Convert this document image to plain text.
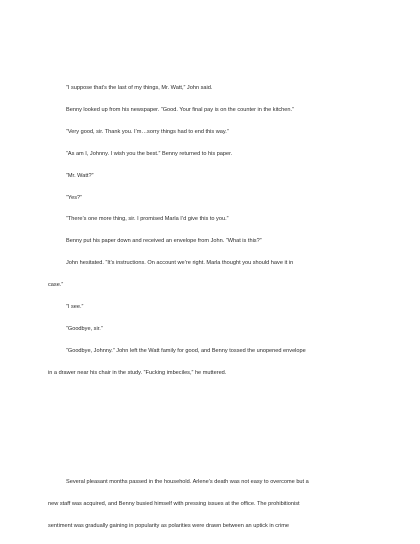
“I suppose that’s the last of my things, Mr. Watt,” John said.
Benny looked up from his newspaper. “Good. Your final pay is on the counter in the kitchen.”
“Very good, sir. Thank you. I’m…sorry things had to end this way.”
“As am I, Johnny. I wish you the best.” Benny returned to his paper.
“Mr. Watt?”
“Yes?”
“There’s one more thing, sir. I promised Marla I’d give this to you.”
Benny put his paper down and received an envelope from John. “What is this?”
John hesitated. “It’s instructions. On account we’re right. Marla thought you should have it in
case.”
“I see.”
“Goodbye, sir.”
“Goodbye, Johnny.” John left the Watt family for good, and Benny tossed the unopened envelope
in a drawer near his chair in the study. “Fucking imbeciles,” he muttered.
Several pleasant months passed in the household. Arlene’s death was not easy to overcome but a
new staff was acquired, and Benny busied himself with pressing issues at the office. The prohibitionist
sentiment was gradually gaining in popularity as polarities were drawn between an uptick in crime
